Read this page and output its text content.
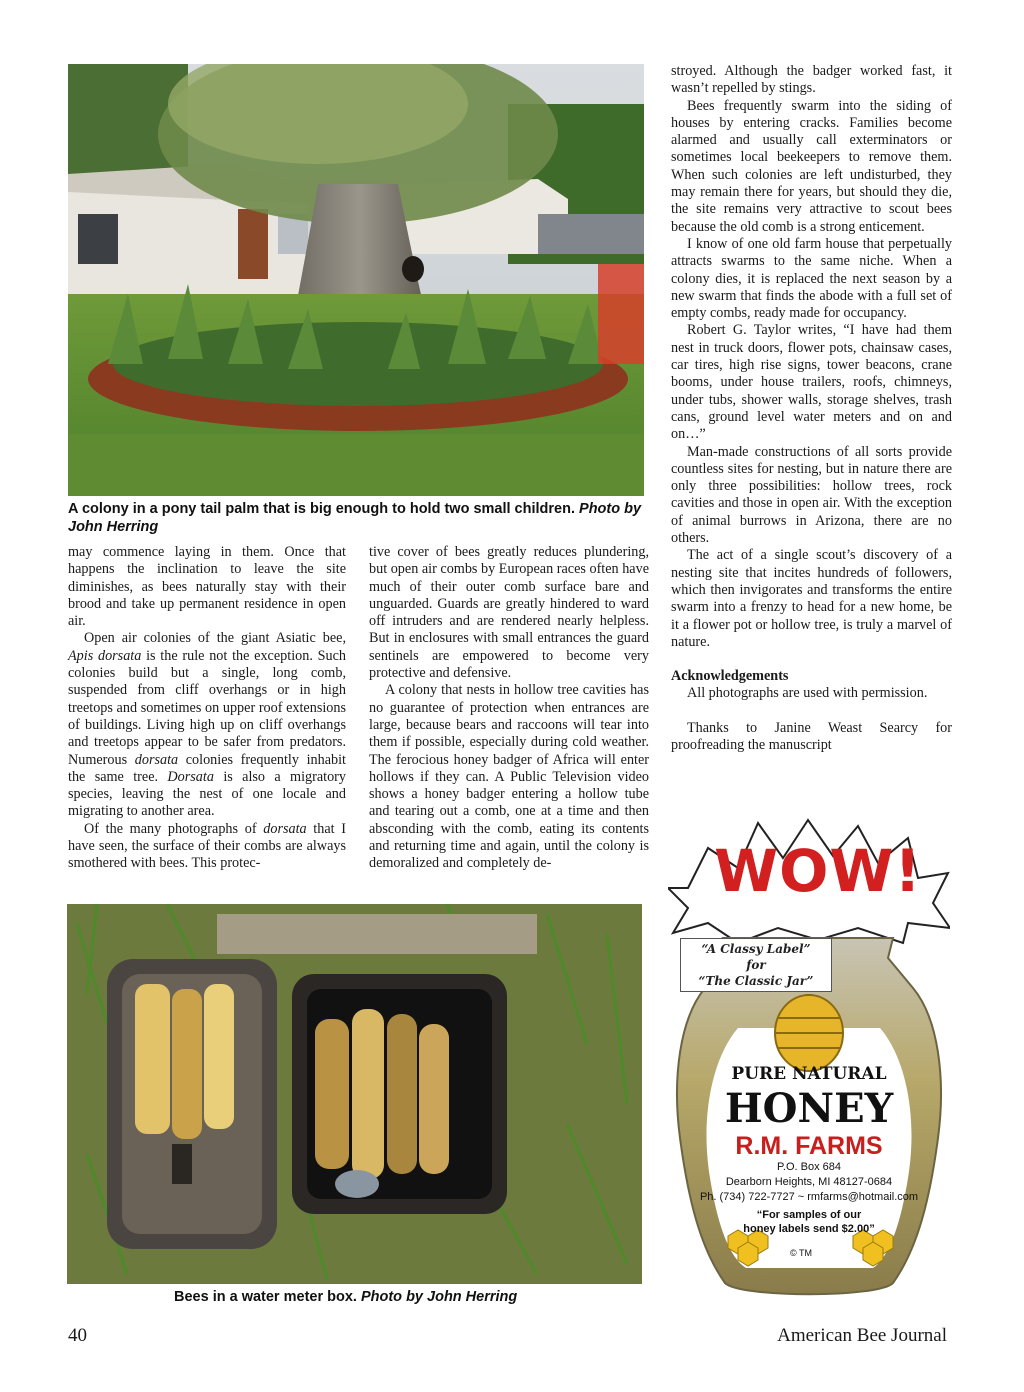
A colony in a pony tail palm that is big enough to hold two small children. Photo by John Herring

may commence laying in them. Once that happens the inclination to leave the site diminishes, as bees naturally stay with their brood and take up permanent residence in open air.

Open air colonies of the giant Asiatic bee, Apis dorsata is the rule not the exception. Such colonies build but a single, long comb, suspended from cliff overhangs or in high treetops and sometimes on upper roof extensions of buildings. Living high up on cliff overhangs and treetops appear to be safer from predators. Numerous dorsata colonies frequently inhabit the same tree. Dorsata is also a migratory species, leaving the nest of one locale and migrating to another area.

Of the many photographs of dorsata that I have seen, the surface of their combs are always smothered with bees. This protec-

tive cover of bees greatly reduces plundering, but open air combs by European races often have much of their outer comb surface bare and unguarded. Guards are greatly hindered to ward off intruders and are rendered nearly helpless. But in enclosures with small entrances the guard sentinels are empowered to become very protective and defensive.

A colony that nests in hollow tree cavities has no guarantee of protection when entrances are large, because bears and raccoons will tear into them if possible, especially during cold weather. The ferocious honey badger of Africa will enter hollows if they can. A Public Television video shows a honey badger entering a hollow tube and tearing out a comb, one at a time and then absconding with the comb, eating its contents and returning time and again, until the colony is demoralized and completely de-

stroyed. Although the badger worked fast, it wasn’t repelled by stings.

Bees frequently swarm into the siding of houses by entering cracks. Families become alarmed and usually call exterminators or sometimes local beekeepers to remove them. When such colonies are left undisturbed, they may remain there for years, but should they die, the site remains very attractive to scout bees because the old comb is a strong enticement.

I know of one old farm house that perpetually attracts swarms to the same niche. When a colony dies, it is replaced the next season by a new swarm that finds the abode with a full set of empty combs, ready made for occupancy.

Robert G. Taylor writes, “I have had them nest in truck doors, flower pots, chainsaw cases, car tires, high rise signs, tower beacons, crane booms, under house trailers, roofs, chimneys, under tubs, shower walls, storage shelves, trash cans, ground level water meters and on and on…”

Man-made constructions of all sorts provide countless sites for nesting, but in nature there are only three possibilities: hollow trees, rock cavities and those in open air. With the exception of animal burrows in Arizona, there are no others.

The act of a single scout’s discovery of a nesting site that incites hundreds of followers, which then invigorates and transforms the entire swarm into a frenzy to head for a new home, be it a flower pot or hollow tree, is truly a marvel of nature.

Acknowledgements

All photographs are used with permission.

Thanks to Janine Weast Searcy for proofreading the manuscript

Bees in a water meter box. Photo by John Herring
WOW!
“A Classy Label”
for
“The Classic Jar”
PURE NATURAL
HONEY
R.M. FARMS
P.O. Box 684
Dearborn Heights, MI 48127-0684
Ph. (734) 722-7727 ~ rmfarms@hotmail.com
“For samples of our
honey labels send $2.00”
© TM
40	American Bee Journal
